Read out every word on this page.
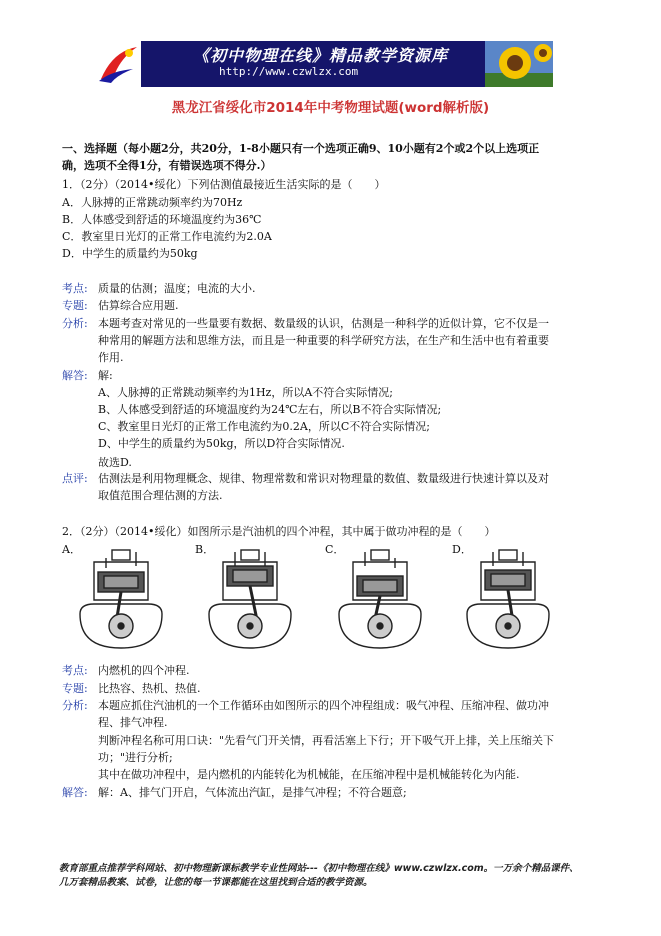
《初中物理在线》精品教学资源库
http://www.czwlzx.com
黑龙江省绥化市2014年中考物理试题(word解析版)
一、选择题（每小题2分，共20分，1-8小题只有一个选项正确9、10小题有2个或2个以上选项正
确，选项不全得1分，有错误选项不得分.）
1．（2分）（2014•绥化）下列估测值最接近生活实际的是（　　）
A．人脉搏的正常跳动频率约为70Hz
B．人体感受到舒适的环境温度约为36℃
C．教室里日光灯的正常工作电流约为2.0A
D．中学生的质量约为50kg
考点: 质量的估测；温度；电流的大小.
专题: 估算综合应用题.
分析: 本题考查对常见的一些量要有数据、数量级的认识，估测是一种科学的近似计算，它不仅是一
种常用的解题方法和思维方法，而且是一种重要的科学研究方法，在生产和生活中也有着重要
作用.
解答: 解:
A、人脉搏的正常跳动频率约为1Hz，所以A不符合实际情况;
B、人体感受到舒适的环境温度约为24℃左右，所以B不符合实际情况;
C、教室里日光灯的正常工作电流约为0.2A，所以C不符合实际情况;
D、中学生的质量约为50kg，所以D符合实际情况.
故选D.
点评: 估测法是利用物理概念、规律、物理常数和常识对物理量的数值、数量级进行快速计算以及对
取值范围合理估测的方法.
2．（2分）（2014•绥化）如图所示是汽油机的四个冲程，其中属于做功冲程的是（　　）
A．	B．	C．	D．
考点: 内燃机的四个冲程.
专题: 比热容、热机、热值.
分析: 本题应抓住汽油机的一个工作循环由如图所示的四个冲程组成：吸气冲程、压缩冲程、做功冲
程、排气冲程.
判断冲程名称可用口诀："先看气门开关情，再看活塞上下行；开下吸气开上排，关上压缩关下
功；"进行分析;
其中在做功冲程中，是内燃机的内能转化为机械能，在压缩冲程中是机械能转化为内能.
解答: 解：A、排气门开启，气体流出汽缸，是排气冲程；不符合题意;
教育部重点推荐学科网站、初中物理新课标教学专业性网站---《初中物理在线》www.czwlzx.com。一万余个精品课件、
几万套精品教案、试卷，让您的每一节课都能在这里找到合适的教学资源。
